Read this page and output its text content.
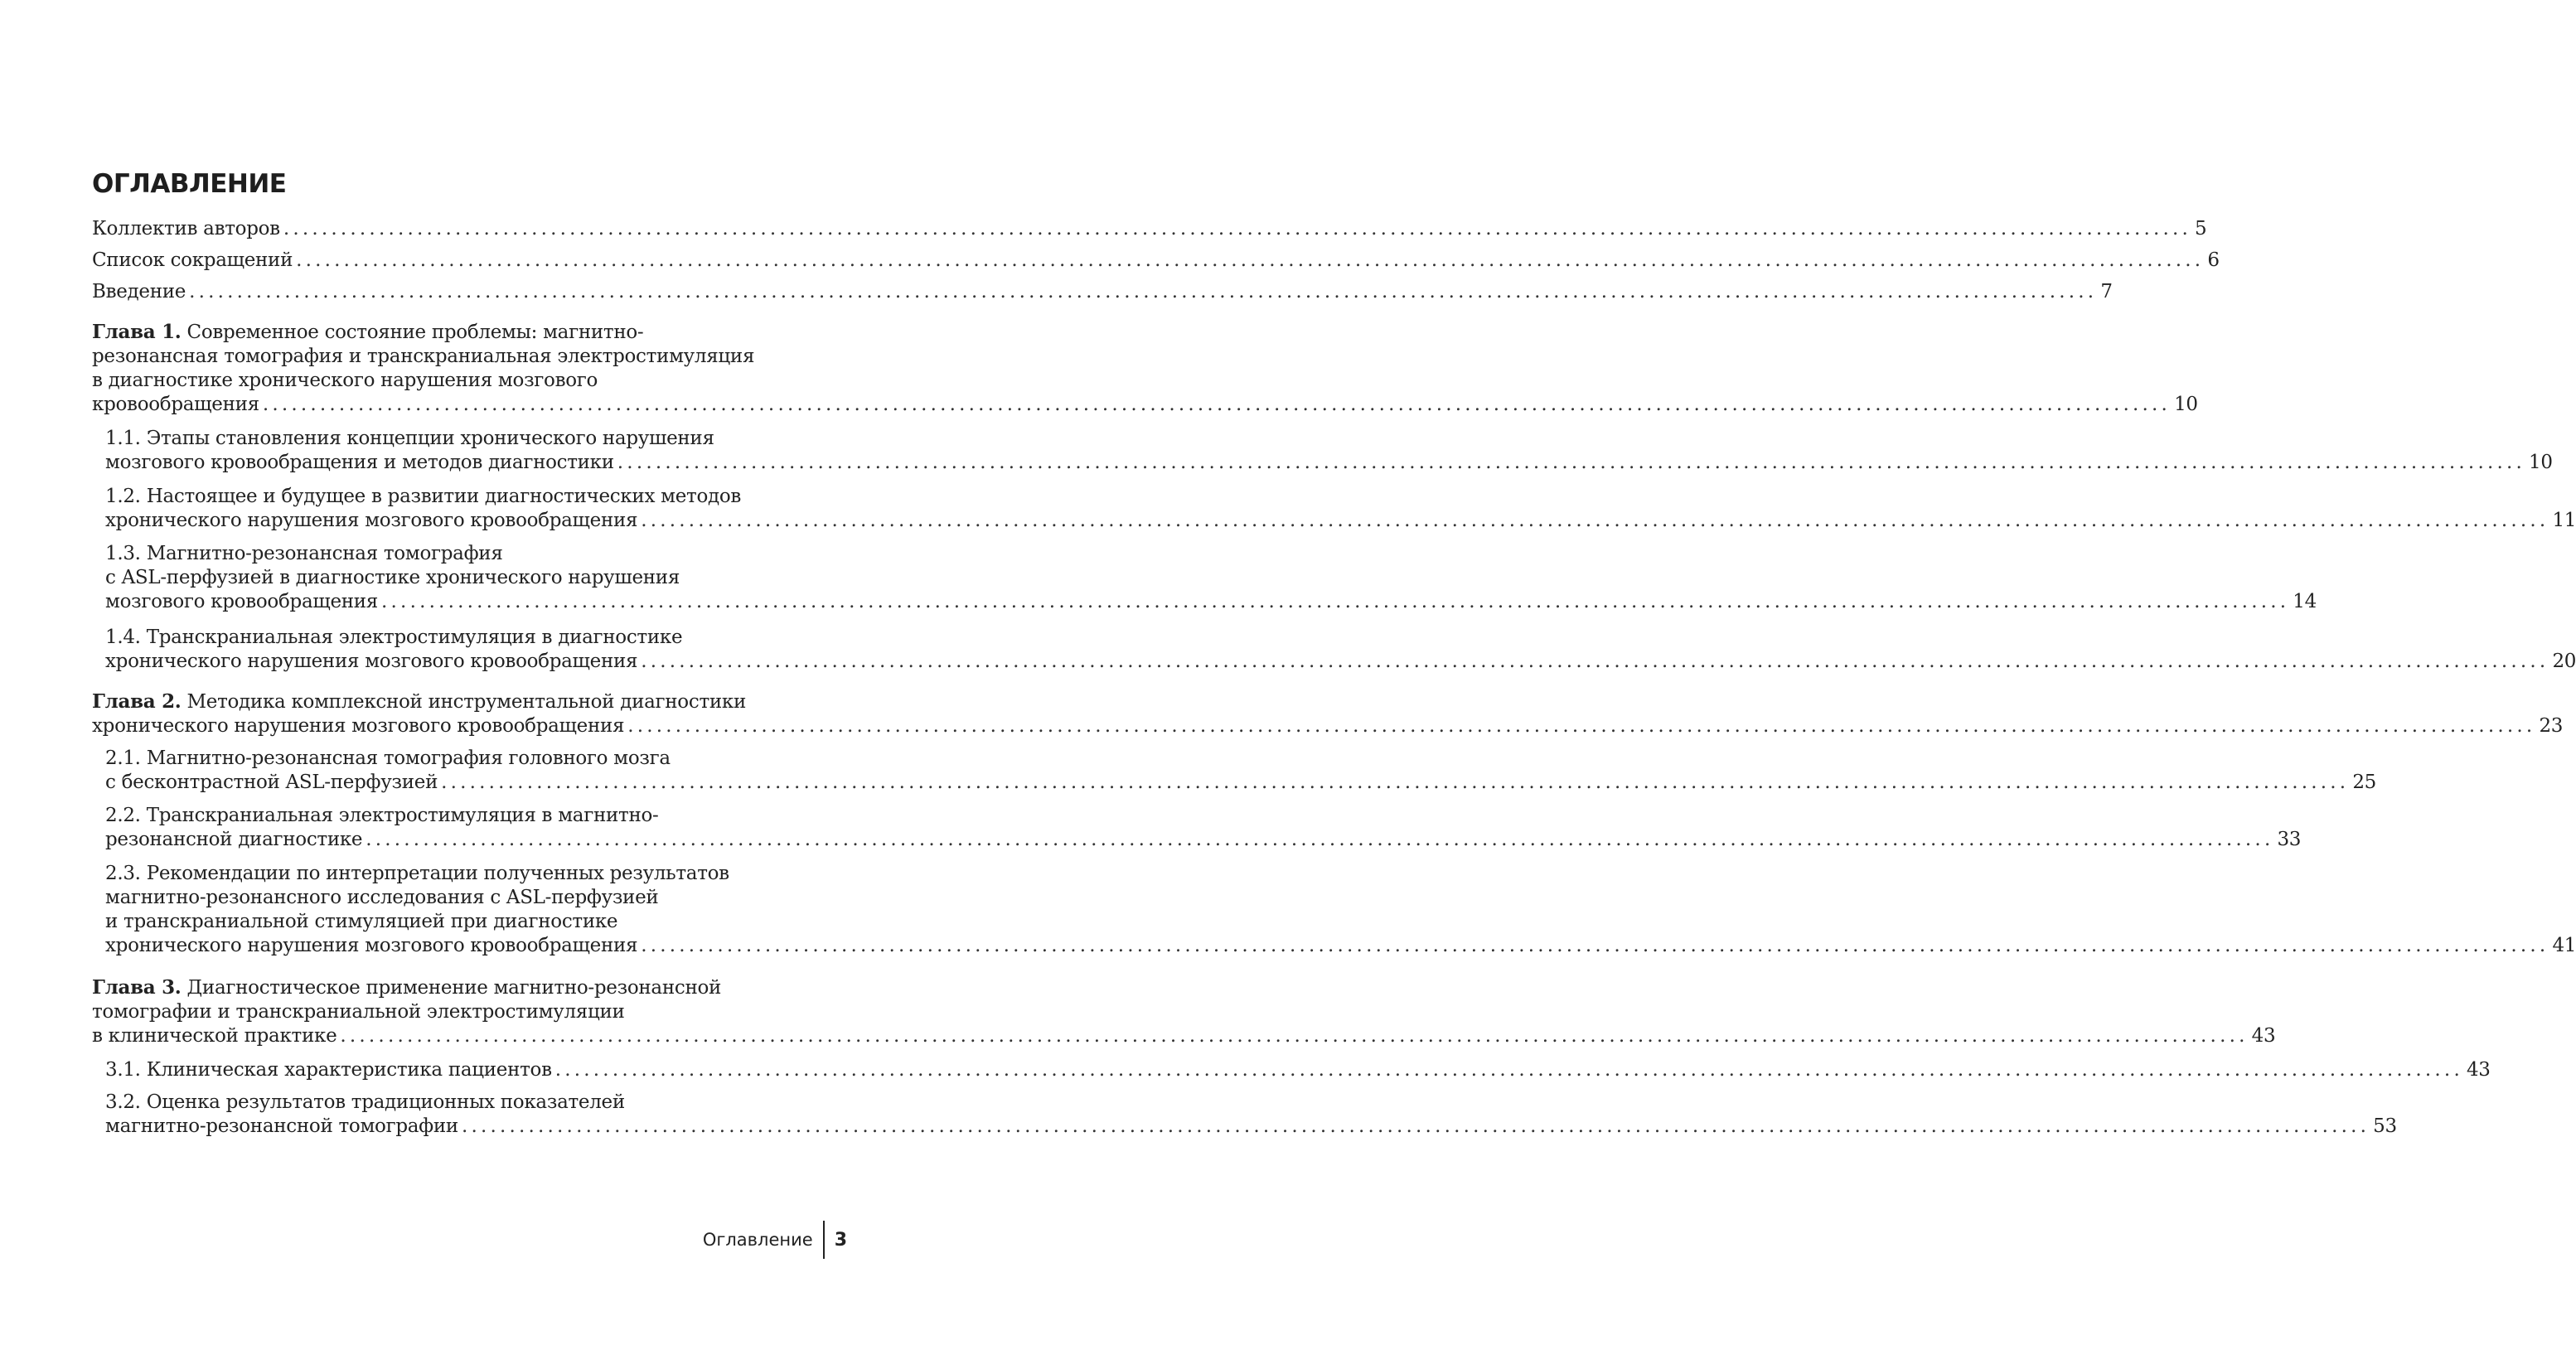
ОГЛАВЛЕНИЕ
Коллектив авторов ........................................................................................................................................................................................................ 5
Список сокращений ........................................................................................................................................................................................................ 6
Введение ........................................................................................................................................................................................................ 7
Глава 1. Современное состояние проблемы: магнитно-
резонансная томография и транскраниальная электростимуляция
в диагностике хронического нарушения мозгового
кровообращения ........................................................................................................................................................................................................ 10
1.1. Этапы становления концепции хронического нарушения
мозгового кровообращения и методов диагностики ........................................................................................................................................................................................................ 10
1.2. Настоящее и будущее в развитии диагностических методов
хронического нарушения мозгового кровообращения ........................................................................................................................................................................................................ 11
1.3. Магнитно-резонансная томография
с ASL-перфузией в диагностике хронического нарушения
мозгового кровообращения ........................................................................................................................................................................................................ 14
1.4. Транскраниальная электростимуляция в диагностике
хронического нарушения мозгового кровообращения ........................................................................................................................................................................................................ 20
Глава 2. Методика комплексной инструментальной диагностики
хронического нарушения мозгового кровообращения ........................................................................................................................................................................................................ 23
2.1. Магнитно-резонансная томография головного мозга
с бесконтрастной ASL-перфузией ........................................................................................................................................................................................................ 25
2.2. Транскраниальная электростимуляция в магнитно-
резонансной диагностике ........................................................................................................................................................................................................ 33
2.3. Рекомендации по интерпретации полученных результатов
магнитно-резонансного исследования с ASL-перфузией
и транскраниальной стимуляцией при диагностике
хронического нарушения мозгового кровообращения ........................................................................................................................................................................................................ 41
Глава 3. Диагностическое применение магнитно-резонансной
томографии и транскраниальной электростимуляции
в клинической практике ........................................................................................................................................................................................................ 43
3.1. Клиническая характеристика пациентов ........................................................................................................................................................................................................ 43
3.2. Оценка результатов традиционных показателей
магнитно-резонансной томографии ........................................................................................................................................................................................................ 53
Оглавление 3
